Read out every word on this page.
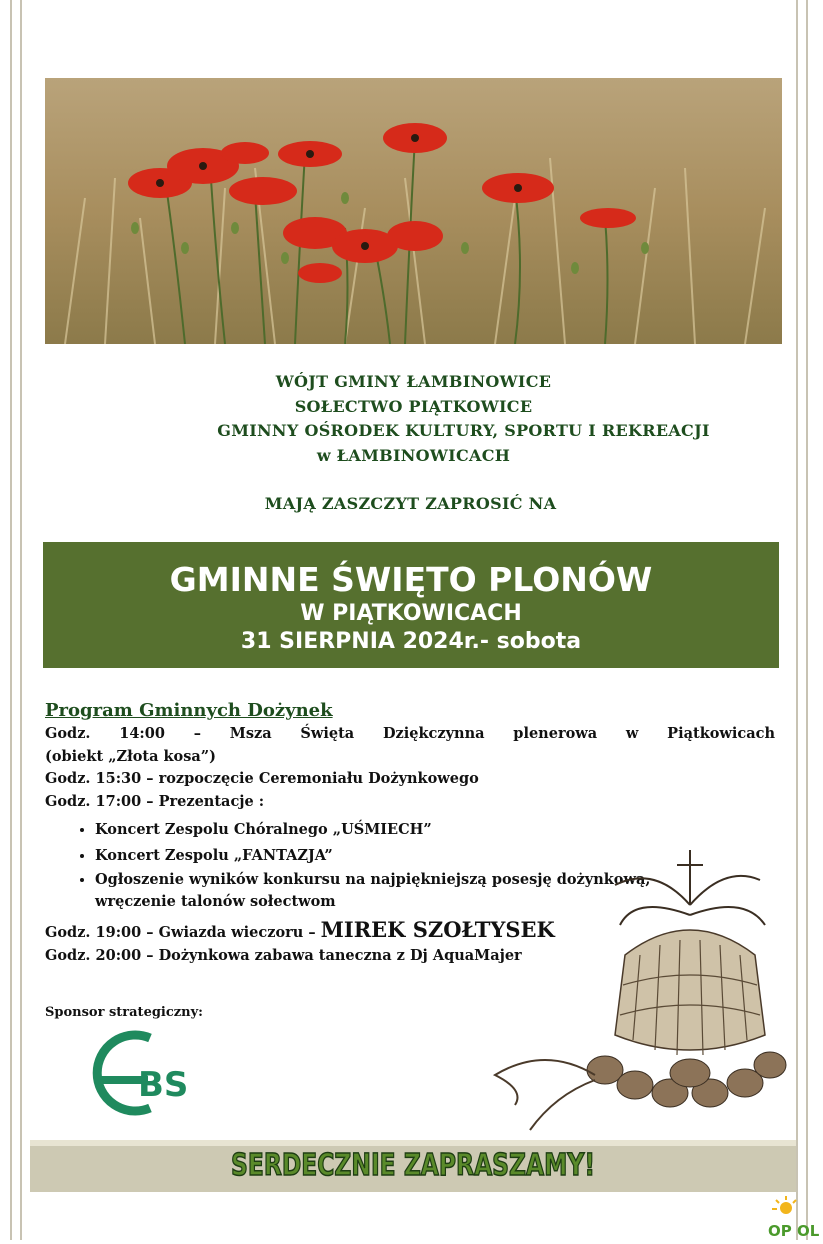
WÓJT GMINY ŁAMBINOWICE
SOŁECTWO PIĄTKOWICE
GMINNY OŚRODEK KULTURY, SPORTU I REKREACJI
w ŁAMBINOWICACH
MAJĄ ZASZCZYT ZAPROSIĆ NA
GMINNE ŚWIĘTO PLONÓW
W PIĄTKOWICACH
31 SIERPNIA 2024r.- sobota
Program Gminnych Dożynek
Godz. 14:00 – Msza Święta Dziękczynna plenerowa w Piątkowicach
(obiekt „Złota kosa”)
Godz. 15:30 – rozpoczęcie Ceremoniału Dożynkowego
Godz. 17:00 – Prezentacje :
• Koncert Zespolu Chóralnego „UŚMIECH”
• Koncert Zespolu „FANTAZJA”
• Ogłoszenie wyników konkursu na najpiękniejszą posesję dożynkową, wręczenie talonów sołectwom
Godz. 19:00 – Gwiazda wieczoru – MIREK SZOŁTYSEK
Godz. 20:00 – Dożynkowa zabawa taneczna z Dj AquaMajer
Sponsor strategiczny:
BS
SERDECZNIE ZAPRASZAMY!
OP OL
